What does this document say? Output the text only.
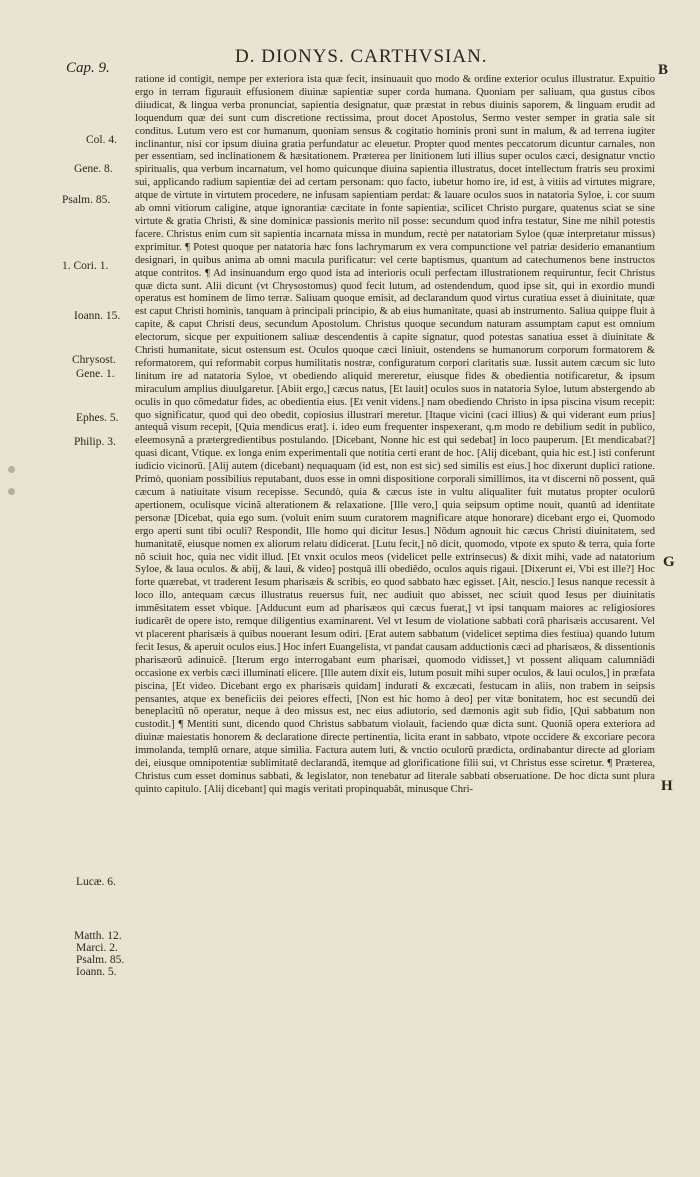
Cap. 9.
D. DIONYS. CARTHVSIAN.
B
G
H
Col. 4.
Gene. 8.
Psalm. 85.
1. Cori. 1.
Ioann. 15.
Chrysost.
Gene. 1.
Ephes. 5.
Philip. 3.
Lucæ. 6.
Matth. 12.
Marci. 2.
Psalm. 85.
Ioann. 5.

ratione id contigit, nempe per exteriora ista quæ fecit, insinuauit quo modo & ordine exterior oculus illustratur. Expuitio ergo in terram figurauit effusionem diuinæ sapientiæ super corda humana. Quoniam per saliuam, qua gustus cibos diiudicat, & lingua verba pronunciat, sapientia designatur, quæ præstat in rebus diuinis saporem, & linguam erudit ad loquendum quæ dei sunt cum discretione rectissima, prout docet Apostolus, Sermo vester semper in gratia sale sit conditus. Lutum vero est cor humanum, quoniam sensus & cogitatio hominis proni sunt in malum, & ad terrena iugiter inclinantur, nisi cor ipsum diuina gratia perfundatur ac eleuetur. Propter quod mentes peccatorum dicuntur carnales, non per essentiam, sed inclinationem & hæsitationem. Præterea per linitionem luti illius super oculos cæci, designatur vnctio spiritualis, qua verbum incarnatum, vel homo quicunque diuina sapientia illustratus, docet intellectum fratris seu proximi sui, applicando radium sapientiæ dei ad certam personam: quo facto, iubetur homo ire, id est, à vitiis ad virtutes migrare, atque de virtute in virtutem procedere, ne infusam sapientiam perdat: & lauare oculos suos in natatoria Syloe, i. cor suum ab omni vitiorum caligine, atque ignorantiæ cæcitate in fonte sapientiæ, scilicet Christo purgare, quatenus sciat se sine virtute & gratia Christi, & sine dominicæ passionis merito nil posse: secundum quod infra testatur, Sine me nihil potestis facere. Christus enim cum sit sapientia incarnata missa in mundum, rectè per natatoriam Syloe (quæ interpretatur missus) exprimitur. ¶ Potest quoque per natatoria hæc fons lachrymarum ex vera compunctione vel patriæ desiderio emanantium designari, in quibus anima ab omni macula purificatur: vel certe baptismus, quantum ad catechumenos bene instructos atque contritos. ¶ Ad insinuandum ergo quod ista ad interioris oculi perfectam illustrationem requiruntur, fecit Christus quæ dicta sunt. Alii dicunt (vt Chrysostomus) quod fecit lutum, ad ostendendum, quod ipse sit, qui in exordio mundi operatus est hominem de limo terræ. Saliuam quoque emisit, ad declarandum quod virtus curatiua esset à diuinitate, quæ est caput Christi hominis, tanquam à principali principio, & ab eius humanitate, quasi ab instrumento. Saliua quippe fluit à capite, & caput Christi deus, secundum Apostolum. Christus quoque secundum naturam assumptam caput est omnium electorum, sicque per expuitionem saliuæ descendentis à capite signatur, quod potestas sanatiua esset à diuinitate & Christi humanitate, sicut ostensum est. Oculos quoque cæci liniuit, ostendens se humanorum corporum formatorem & reformatorem, qui reformabit corpus humilitatis nostræ, configuratum corpori claritatis suæ. Iussit autem cæcum sic luto linitum ire ad natatoria Syloe, vt obediendo aliquid mereretur, eiusque fides & obedientia notificaretur, & ipsum miraculum amplius diuulgaretur. [Abiit ergo,] cæcus natus, [Et lauit] oculos suos in natatoria Syloe, lutum abstergendo ab oculis in quo cõmedatur fides, ac obedientia eius. [Et venit videns.] nam obediendo Christo in ipsa piscina visum recepit: quo significatur, quod qui deo obedit, copiosius illustrari meretur. [Itaque vicini (caci illius) & qui viderant eum prius] antequã visum recepit, [Quia mendicus erat]. i. ideo eum frequenter inspexerant, q.m modo re debilium sedit in publico, eleemosynã a prætergredientibus postulando. [Dicebant, Nonne hic est qui sedebat] in loco pauperum. [Et mendicabat?] quasi dicant, Vtique. ex longa enim experimentali que notitia certi erant de hoc. [Alij dicebant, quia hic est.] isti conferunt iudicio vicinorũ. [Alij autem (dicebant) nequaquam (id est, non est sic) sed similis est eius.] hoc dixerunt duplici ratione. Primò, quoniam possibilius reputabant, duos esse in omni dispositione corporali simillimos, ita vt discerni nõ possent, quã cæcum à natiuitate visum recepisse. Secundò, quia & cæcus iste in vultu aliqualiter fuit mutatus propter oculorũ apertionem, oculisque vicinã alterationem & relaxatione. [Ille vero,] quia seipsum optime nouit, quantũ ad identitate personæ [Dicebat, quia ego sum. (voluit enim suum curatorem magnificare atque honorare) dicebant ergo ei, Quomodo ergo aperti sunt tibi oculi? Respondit, Ille homo qui dicitur Iesus.] Nõdum agnouit hic cæcus Christi diuinitatem, sed humanitatẽ, eiusque nomen ex aliorum relatu didicerat. [Lutu fecit,] nõ dicit, quomodo, vtpote ex sputo & terra, quia forte nõ sciuit hoc, quia nec vidit illud. [Et vnxit oculos meos (videlicet pelle extrinsecus) & dixit mihi, vade ad natatorium Syloe, & laua oculos. & abij, & laui, & video] postquã illi obediẽdo, oculos aquis rigaui. [Dixerunt ei, Vbi est ille?] Hoc forte quærebat, vt traderent Iesum pharisæis & scribis, eo quod sabbato hæc egisset. [Ait, nescio.] Iesus nanque recessit à loco illo, antequam cæcus illustratus reuersus fuit, nec audiuit quo abisset, nec sciuit quod Iesus per diuinitatis immẽsitatem esset vbique. [Adducunt eum ad pharisæos qui cæcus fuerat,] vt ipsi tanquam maiores ac religiosiores iudicarẽt de opere isto, remque diligentius examinarent. Vel vt Iesum de violatione sabbati corã pharisæis accusarent. Vel vt placerent pharisæis à quibus nouerant Iesum odiri. [Erat autem sabbatum (videlicet septima dies festiua) quando lutum fecit Iesus, & aperuit oculos eius.] Hoc infert Euangelista, vt pandat causam adductionis cæci ad pharisæos, & dissentionis pharisæorũ adinuicẽ. [Iterum ergo interrogabant eum pharisæi, quomodo vidisset,] vt possent aliquam calumniãdi occasione ex verbis cæci illuminati elicere. [Ille autem dixit eis, lutum posuit mihi super oculos, & laui oculos,] in præfata piscina, [Et video. Dicebant ergo ex pharisæis quidam] indurati & excæcati, festucam in aliis, non trabem in seipsis pensantes, atque ex beneficiis dei peiores effecti, [Non est hic homo à deo] per vitæ bonitatem, hoc est secundũ dei beneplacitũ nõ operatur, neque à deo missus est, nec eius adiutorio, sed dæmonis agit sub fidio, [Qui sabbatum non custodit.] ¶ Mentiti sunt, dicendo quod Christus sabbatum violauit, faciendo quæ dicta sunt. Quoniã opera exteriora ad diuinæ maiestatis honorem & declaratione directe pertinentia, licita erant in sabbato, vtpote occidere & excoriare pecora immolanda, templũ ornare, atque similia. Factura autem luti, & vnctio oculorũ prædicta, ordinabantur directe ad gloriam dei, eiusque omnipotentiæ sublimitatẽ declarandã, itemque ad glorificatione filii sui, vt Christus esse sciretur. ¶ Præterea, Christus cum esset dominus sabbati, & legislator, non tenebatur ad literale sabbati obseruatione. De hoc dicta sunt plura quinto capitulo. [Alij dicebant] qui magis veritati propinquabãt, minusque Chri-
